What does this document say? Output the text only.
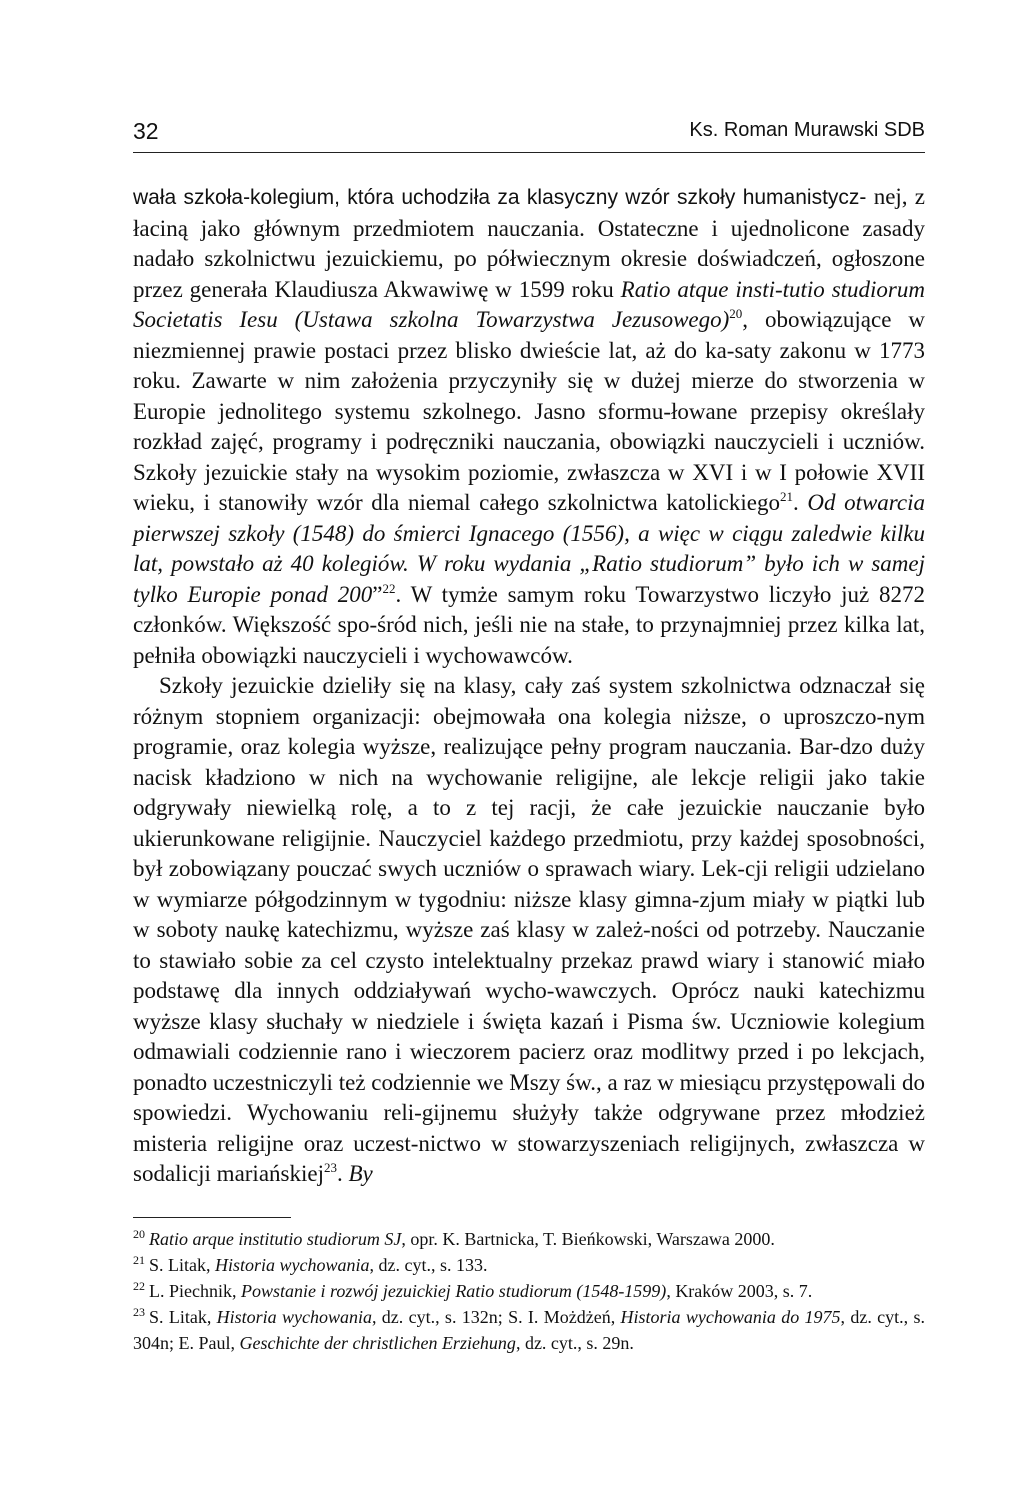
32	Ks. Roman Murawski SDB

wała szkoła-kolegium, która uchodziła za klasyczny wzór szkoły humanistycz- nej, z łaciną jako głównym przedmiotem nauczania. Ostateczne i ujednolicone zasady nadało szkolnictwu jezuickiemu, po półwiecznym okresie doświadczeń, ogłoszone przez generała Klaudiusza Akwawiwę w 1599 roku Ratio atque insti-tutio studiorum Societatis Iesu (Ustawa szkolna Towarzystwa Jezusowego)$^{20}$, obowiązujące w niezmiennej prawie postaci przez blisko dwieście lat, aż do ka-saty zakonu w 1773 roku. Zawarte w nim założenia przyczyniły się w dużej mierze do stworzenia w Europie jednolitego systemu szkolnego. Jasno sformu-łowane przepisy określały rozkład zajęć, programy i podręczniki nauczania, obowiązki nauczycieli i uczniów. Szkoły jezuickie stały na wysokim poziomie, zwłaszcza w XVI i w I połowie XVII wieku, i stanowiły wzór dla niemal całego szkolnictwa katolickiego$^{21}$. Od otwarcia pierwszej szkoły (1548) do śmierci Ignacego (1556), a więc w ciągu zaledwie kilku lat, powstało aż 40 kolegiów. W roku wydania „Ratio studiorum” było ich w samej tylko Europie ponad 200”$^{22}$. W tymże samym roku Towarzystwo liczyło już 8272 członków. Większość spo-śród nich, jeśli nie na stałe, to przynajmniej przez kilka lat, pełniła obowiązki nauczycieli i wychowawców.

Szkoły jezuickie dzieliły się na klasy, cały zaś system szkolnictwa odznaczał się różnym stopniem organizacji: obejmowała ona kolegia niższe, o uproszczo-nym programie, oraz kolegia wyższe, realizujące pełny program nauczania. Bar-dzo duży nacisk kładziono w nich na wychowanie religijne, ale lekcje religii jako takie odgrywały niewielką rolę, a to z tej racji, że całe jezuickie nauczanie było ukierunkowane religijnie. Nauczyciel każdego przedmiotu, przy każdej sposobności, był zobowiązany pouczać swych uczniów o sprawach wiary. Lek-cji religii udzielano w wymiarze półgodzinnym w tygodniu: niższe klasy gimna-zjum miały w piątki lub w soboty naukę katechizmu, wyższe zaś klasy w zależ-ności od potrzeby. Nauczanie to stawiało sobie za cel czysto intelektualny przekaz prawd wiary i stanowić miało podstawę dla innych oddziaływań wycho-wawczych. Oprócz nauki katechizmu wyższe klasy słuchały w niedziele i święta kazań i Pisma św. Uczniowie kolegium odmawiali codziennie rano i wieczorem pacierz oraz modlitwy przed i po lekcjach, ponadto uczestniczyli też codziennie we Mszy św., a raz w miesiącu przystępowali do spowiedzi. Wychowaniu reli-gijnemu służyły także odgrywane przez młodzież misteria religijne oraz uczest-nictwo w stowarzyszeniach religijnych, zwłaszcza w sodalicji mariańskiej$^{23}$. By

$^{20}$ Ratio arque institutio studiorum SJ, opr. K. Bartnicka, T. Bieńkowski, Warszawa 2000.

$^{21}$ S. Litak, Historia wychowania, dz. cyt., s. 133.

$^{22}$ L. Piechnik, Powstanie i rozwój jezuickiej Ratio studiorum (1548-1599), Kraków 2003, s. 7.

$^{23}$ S. Litak, Historia wychowania, dz. cyt., s. 132n; S. I. Możdżeń, Historia wychowania do 1975, dz. cyt., s. 304n; E. Paul, Geschichte der christlichen Erziehung, dz. cyt., s. 29n.
